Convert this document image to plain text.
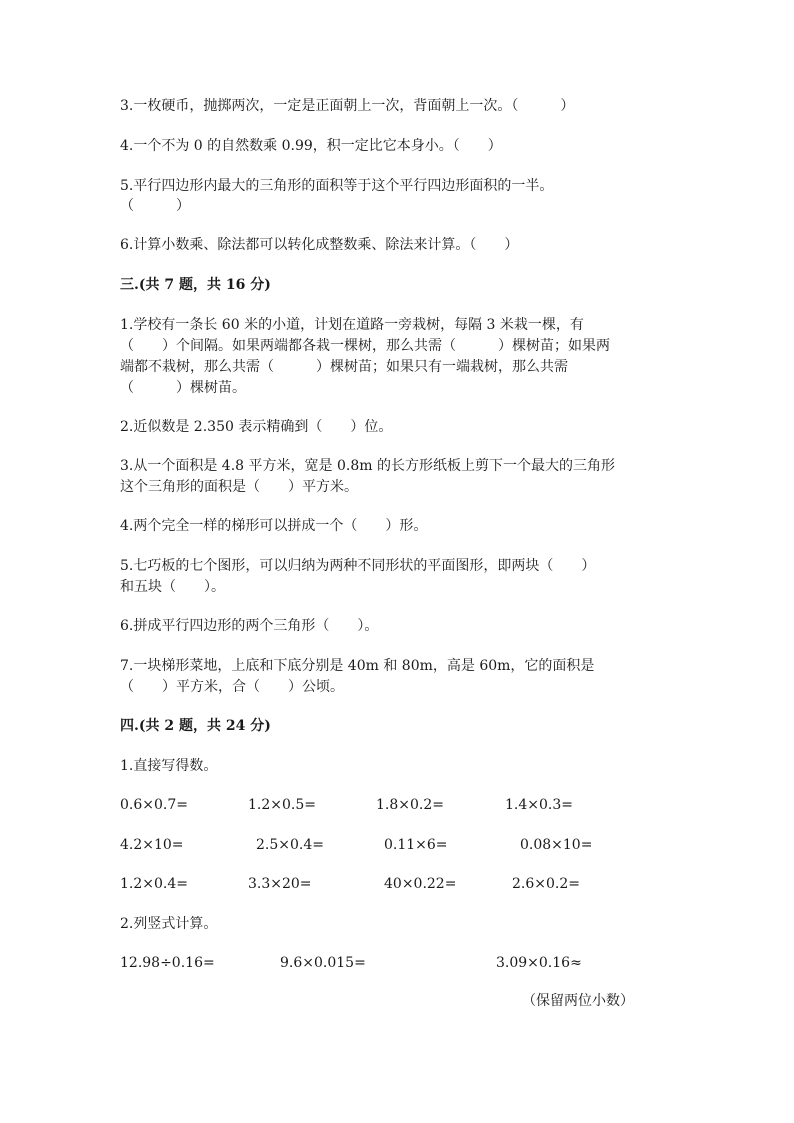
3.一枚硬币，抛掷两次，一定是正面朝上一次，背面朝上一次。（　　　）
4.一个不为 0 的自然数乘 0.99，积一定比它本身小。（　　）
5.平行四边形内最大的三角形的面积等于这个平行四边形面积的一半。
（　　　）
6.计算小数乘、除法都可以转化成整数乘、除法来计算。（　　）
三.(共 7 题，共 16 分)
1.学校有一条长 60 米的小道，计划在道路一旁栽树，每隔 3 米栽一棵，有
（　　）个间隔。如果两端都各栽一棵树，那么共需（　　　）棵树苗；如果两
端都不栽树，那么共需（　　　）棵树苗；如果只有一端栽树，那么共需
（　　　）棵树苗。
2.近似数是 2.350 表示精确到（　　）位。
3.从一个面积是 4.8 平方米，宽是 0.8m 的长方形纸板上剪下一个最大的三角形
这个三角形的面积是（　　）平方米。
4.两个完全一样的梯形可以拼成一个（　　）形。
5.七巧板的七个图形，可以归纳为两种不同形状的平面图形，即两块（　　）
和五块（　　）。
6.拼成平行四边形的两个三角形（　　）。
7.一块梯形菜地，上底和下底分别是 40m 和 80m，高是 60m，它的面积是
（　　）平方米，合（　　）公顷。
四.(共 2 题，共 24 分)
1.直接写得数。
0.6×0.7=	1.2×0.5=	1.8×0.2=	1.4×0.3=
4.2×10=	2.5×0.4=	0.11×6=	0.08×10=
1.2×0.4=	3.3×20=	40×0.22=	2.6×0.2=
2.列竖式计算。
12.98÷0.16=	9.6×0.015=	3.09×0.16≈
（保留两位小数）
